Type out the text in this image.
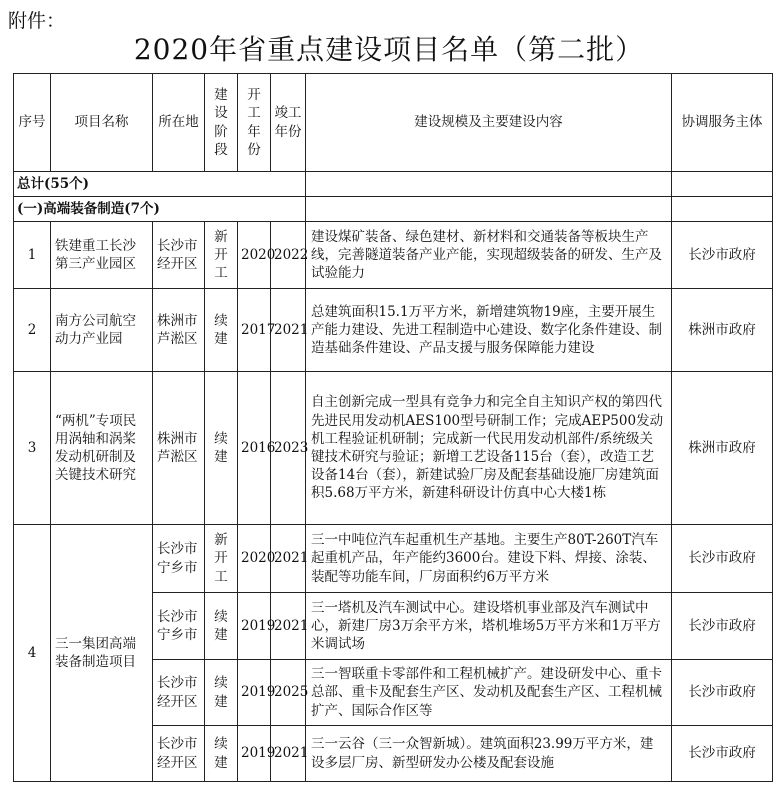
附件：
2020年省重点建设项目名单（第二批）
序号	项目名称	所在地	建设阶段	开工年份	竣工年份	建设规模及主要建设内容	协调服务主体
总计(55个)							
(一)高端装备制造(7个)							
1	铁建重工长沙第三产业园区	长沙市经开区	新开工	2020	2022	建设煤矿装备、绿色建材、新材料和交通装备等板块生产线，完善隧道装备产业产能，实现超级装备的研发、生产及试验能力	长沙市政府
2	南方公司航空动力产业园	株洲市芦淞区	续建	2017	2021	总建筑面积15.1万平方米，新增建筑物19座，主要开展生产能力建设、先进工程制造中心建设、数字化条件建设、制造基础条件建设、产品支援与服务保障能力建设	株洲市政府
3	“两机”专项民用涡轴和涡桨发动机研制及关键技术研究	株洲市芦淞区	续建	2016	2023	自主创新完成一型具有竞争力和完全自主知识产权的第四代先进民用发动机AES100型号研制工作；完成AEP500发动机工程验证机研制；完成新一代民用发动机部件/系统级关键技术研究与验证；新增工艺设备115台（套），改造工艺设备14台（套），新建试验厂房及配套基础设施厂房建筑面积5.68万平方米，新建科研设计仿真中心大楼1栋	株洲市政府
4	三一集团高端装备制造项目	长沙市宁乡市	新开工	2020	2021	三一中吨位汽车起重机生产基地。主要生产80T-260T汽车起重机产品，年产能约3600台。建设下料、焊接、涂装、装配等功能车间，厂房面积约6万平方米	长沙市政府
		长沙市宁乡市	续建	2019	2021	三一塔机及汽车测试中心。建设塔机事业部及汽车测试中心，新建厂房3万余平方米，塔机堆场5万平方米和1万平方米调试场	长沙市政府
		长沙市经开区	续建	2019	2025	三一智联重卡零部件和工程机械扩产。建设研发中心、重卡总部、重卡及配套生产区、发动机及配套生产区、工程机械扩产、国际合作区等	长沙市政府
		长沙市经开区	续建	2019	2021	三一云谷（三一众智新城）。建筑面积23.99万平方米，建设多层厂房、新型研发办公楼及配套设施	长沙市政府
